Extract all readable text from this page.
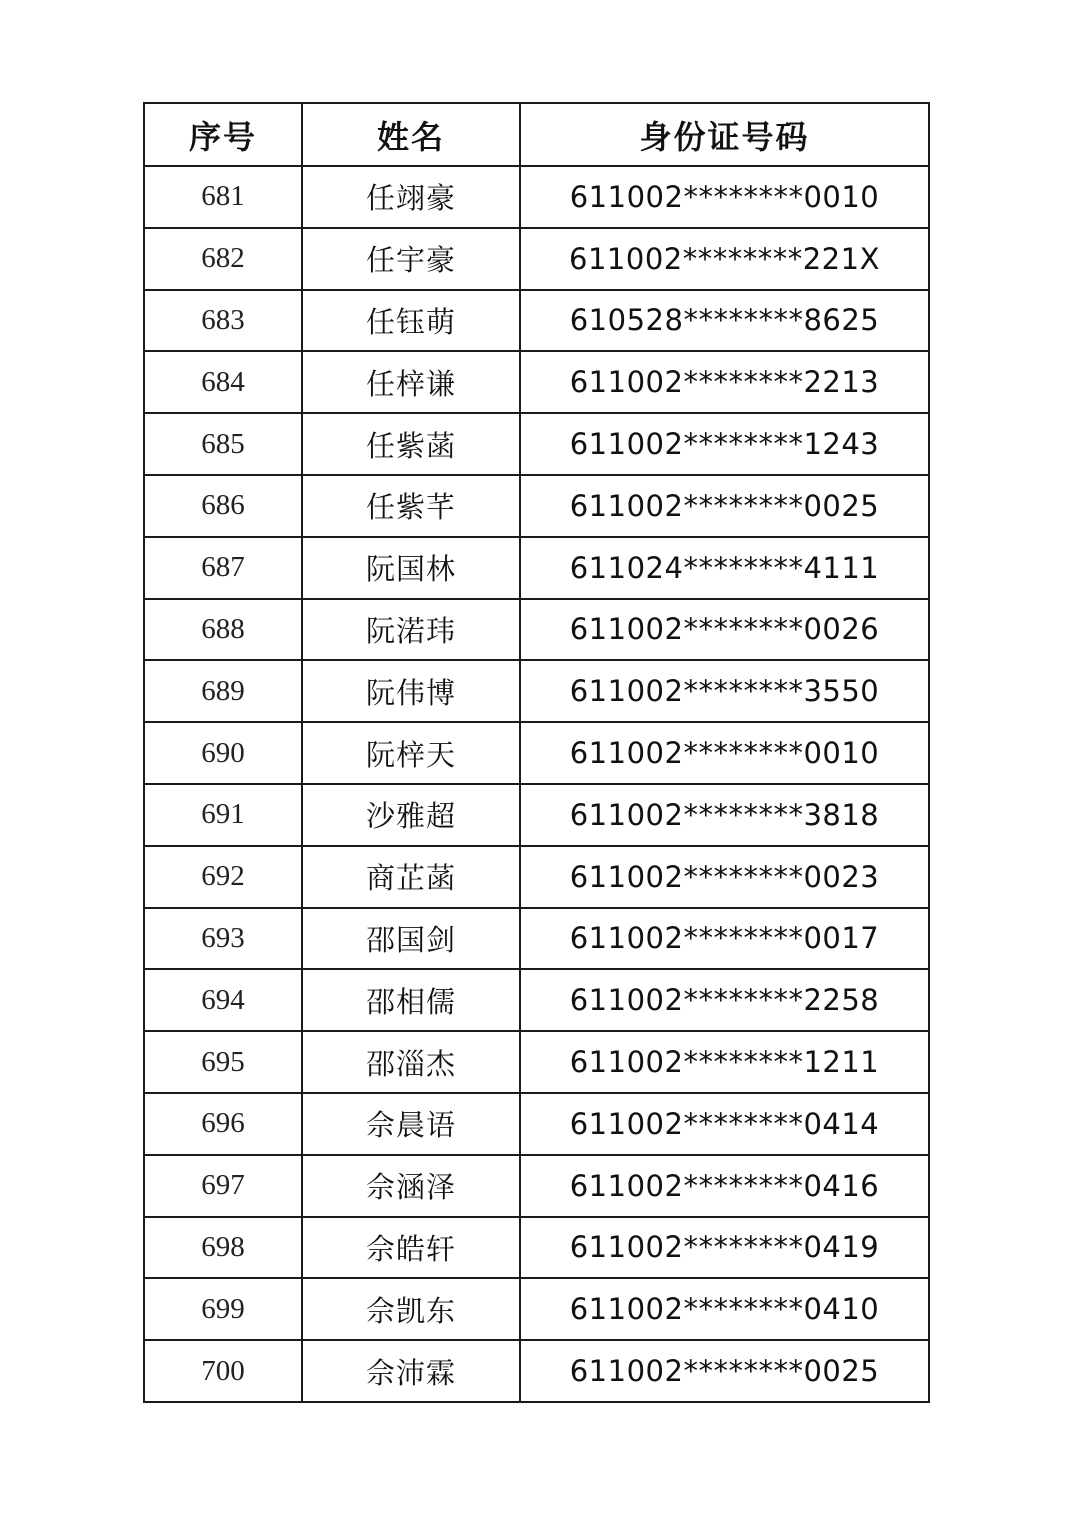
序号	姓名	身份证号码
681	任翊豪	611002********0010
682	任宇豪	611002********221X
683	任钰萌	610528********8625
684	任梓谦	611002********2213
685	任紫菡	611002********1243
686	任紫芊	611002********0025
687	阮国林	611024********4111
688	阮渃玮	611002********0026
689	阮伟博	611002********3550
690	阮梓天	611002********0010
691	沙雅超	611002********3818
692	商芷菡	611002********0023
693	邵国剑	611002********0017
694	邵相儒	611002********2258
695	邵淄杰	611002********1211
696	佘晨语	611002********0414
697	佘涵泽	611002********0416
698	佘皓轩	611002********0419
699	佘凯东	611002********0410
700	佘沛霖	611002********0025
